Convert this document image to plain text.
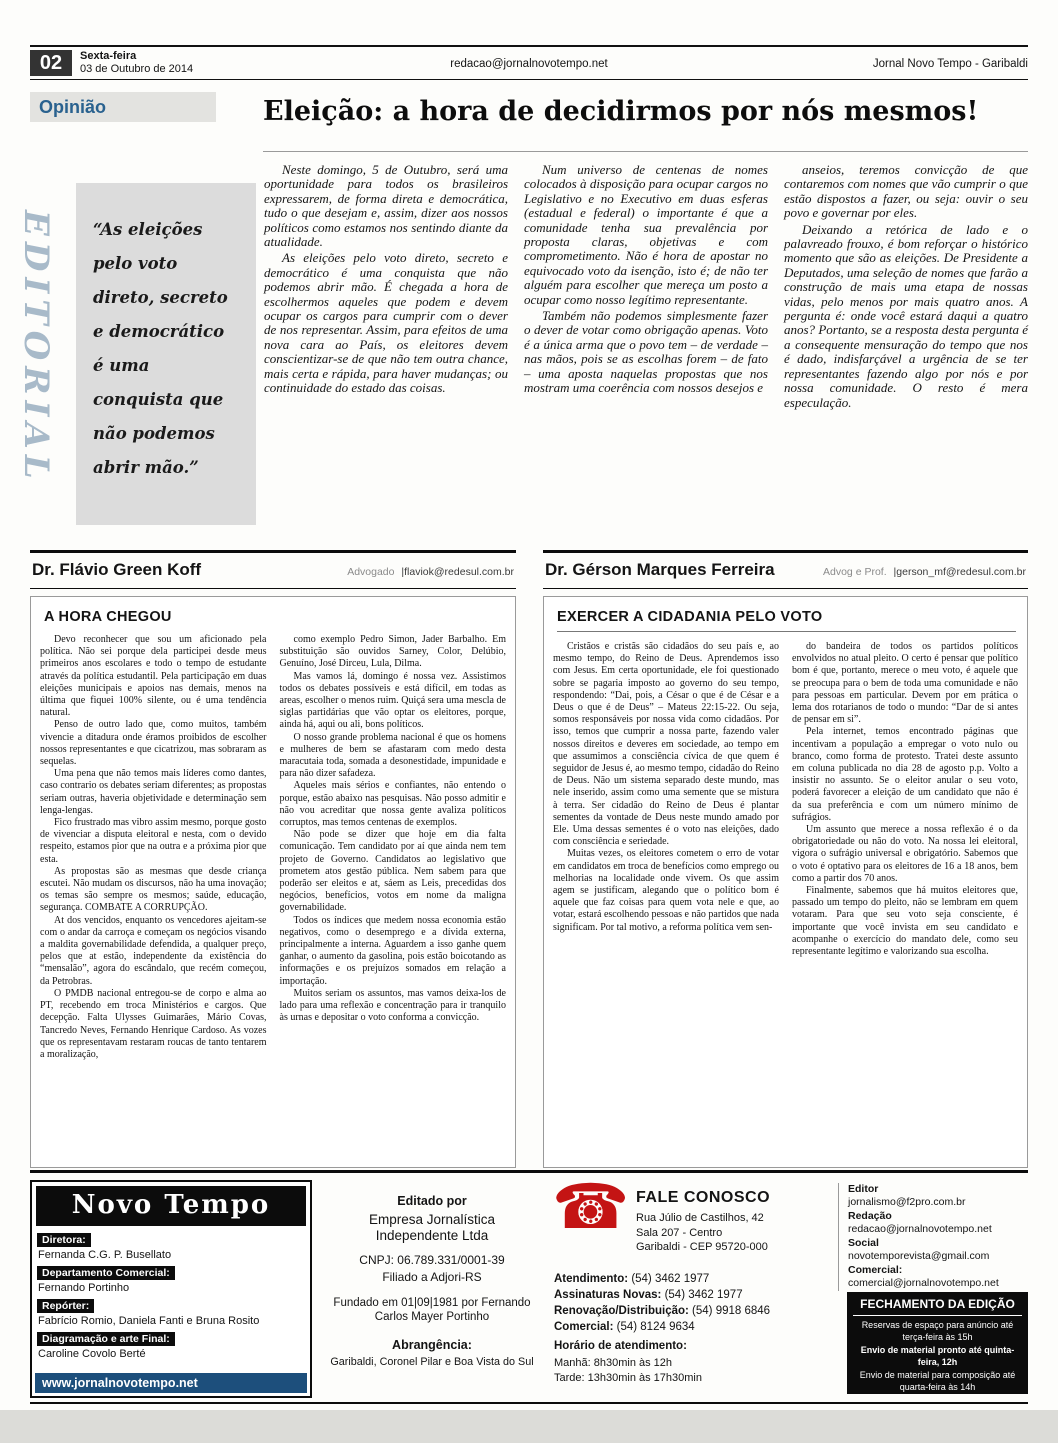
02	Sexta-feira
03 de Outubro de 2014	redacao@jornalnovotempo.net	Jornal Novo Tempo - Garibaldi
Opinião	Eleição: a hora de decidirmos por nós mesmos!
EDITORIAL	“As eleições pelo voto direto, secreto e democrático é uma conquista que não podemos abrir mão.”

Neste domingo, 5 de Outubro, será uma oportunidade para todos os brasileiros expressarem, de forma direta e democrática, tudo o que desejam e, assim, dizer aos nossos políticos como estamos nos sentindo diante da atualidade.

As eleições pelo voto direto, secreto e democrático é uma conquista que não podemos abrir mão. É chegada a hora de escolhermos aqueles que podem e devem ocupar os cargos para cumprir com o dever de nos representar. Assim, para efeitos de uma nova cara ao País, os eleitores devem conscientizar-se de que não tem outra chance, mais certa e rápida, para haver mudanças; ou continuidade do estado das coisas.

Num universo de centenas de nomes colocados à disposição para ocupar cargos no Legislativo e no Executivo em duas esferas (estadual e federal) o importante é que a comunidade tenha sua prevalência por proposta claras, objetivas e com comprometimento. Não é hora de apostar no equivocado voto da isenção, isto é; de não ter alguém para escolher que mereça um posto a ocupar como nosso legítimo representante.

Também não podemos simplesmente fazer o dever de votar como obrigação apenas. Voto é a única arma que o povo tem – de verdade – nas mãos, pois se as escolhas forem – de fato – uma aposta naquelas propostas que nos mostram uma coerência com nossos desejos e

anseios, teremos convicção de que contaremos com nomes que vão cumprir o que estão dispostos a fazer, ou seja: ouvir o seu povo e governar por eles.

Deixando a retórica de lado e o palavreado frouxo, é bom reforçar o histórico momento que são as eleições. De Presidente a Deputados, uma seleção de nomes que farão a construção de mais uma etapa de nossas vidas, pelo menos por mais quatro anos. A pergunta é: onde você estará daqui a quatro anos? Portanto, se a resposta desta pergunta é a consequente mensuração do tempo que nos é dado, indisfarçável a urgência de se ter representantes fazendo algo por nós e por nossa comunidade. O resto é mera especulação.

Dr. Flávio Green Koff	Advogado |flaviok@redesul.com.br
A HORA CHEGOU

Devo reconhecer que sou um aficionado pela política. Não sei porque dela participei desde meus primeiros anos escolares e todo o tempo de estudante através da política estudantil. Pela participação em duas eleições municipais e apoios nas demais, menos na última que fiquei 100% silente, ou é uma tendência natural.

Penso de outro lado que, como muitos, também vivencie a ditadura onde éramos proibidos de escolher nossos representantes e que cicatrizou, mas sobraram as sequelas.

Uma pena que não temos mais líderes como dantes, caso contrario os debates seriam diferentes; as propostas seriam outras, haveria objetividade e determinação sem lenga-lengas.

Fico frustrado mas vibro assim mesmo, porque gosto de vivenciar a disputa eleitoral e nesta, com o devido respeito, estamos pior que na outra e a próxima pior que esta.

As propostas são as mesmas que desde criança escutei. Não mudam os discursos, não ha uma inovação; os temas são sempre os mesmos; saúde, educação, segurança. COMBATE A CORRUPÇÃO.

At dos vencidos, enquanto os vencedores ajeitam-se com o andar da carroça e começam os negócios visando a maldita governabilidade defendida, a qualquer preço, pelos que at estão, independente da existência do “mensalão”, agora do escândalo, que recém começou, da Petrobras.

O PMDB nacional entregou-se de corpo e alma ao PT, recebendo em troca Ministérios e cargos. Que decepção. Falta Ulysses Guimarães, Mário Covas, Tancredo Neves, Fernando Henrique Cardoso. As vozes que os representavam restaram roucas de tanto tentarem a moralização,

como exemplo Pedro Simon, Jader Barbalho. Em substituição são ouvidos Sarney, Color, Delúbio, Genuíno, José Dirceu, Lula, Dilma.

Mas vamos lá, domingo é nossa vez. Assistimos todos os debates possíveis e está difícil, em todas as areas, escolher o menos ruim. Quiçá sera uma mescla de siglas partidárias que vão optar os eleitores, porque, ainda há, aqui ou ali, bons políticos.

O nosso grande problema nacional é que os homens e mulheres de bem se afastaram com medo desta maracutaia toda, somada a desonestidade, impunidade e para não dizer safadeza.

Aqueles mais sérios e confiantes, não entendo o porque, estão abaixo nas pesquisas. Não posso admitir e não vou acreditar que nossa gente avaliza políticos corruptos, mas temos centenas de exemplos.

Não pode se dizer que hoje em dia falta comunicação. Tem candidato por aí que ainda nem tem projeto de Governo. Candidatos ao legislativo que prometem atos gestão pública. Nem sabem para que poderão ser eleitos e at, sáem as Leis, precedidas dos negócios, benefícios, votos em nome da maligna governabilidade.

Todos os índices que medem nossa economia estão negativos, como o desemprego e a dívida externa, principalmente a interna. Aguardem a isso ganhe quem ganhar, o aumento da gasolina, pois estão boicotando as informações e os prejuízos somados em relação a importação.

Muitos seriam os assuntos, mas vamos deixa-los de lado para uma reflexão e concentração para ir tranquilo às urnas e depositar o voto conforma a convicção.

Dr. Gérson Marques Ferreira	Advog e Prof. |gerson_mf@redesul.com.br
EXERCER A CIDADANIA PELO VOTO

Cristãos e cristãs são cidadãos do seu país e, ao mesmo tempo, do Reino de Deus. Aprendemos isso com Jesus. Em certa oportunidade, ele foi questionado sobre se pagaria imposto ao governo do seu tempo, respondendo: “Dai, pois, a César o que é de César e a Deus o que é de Deus” – Mateus 22:15-22. Ou seja, somos responsáveis por nossa vida como cidadãos. Por isso, temos que cumprir a nossa parte, fazendo valer nossos direitos e deveres em sociedade, ao tempo em que assumimos a consciência cívica de que quem é seguidor de Jesus é, ao mesmo tempo, cidadão do Reino de Deus. Não um sistema separado deste mundo, mas nele inserido, assim como uma semente que se mistura à terra. Ser cidadão do Reino de Deus é plantar sementes da vontade de Deus neste mundo amado por Ele. Uma dessas sementes é o voto nas eleições, dado com consciência e seriedade.

Muitas vezes, os eleitores cometem o erro de votar em candidatos em troca de benefícios como emprego ou melhorias na localidade onde vivem. Os que assim agem se justificam, alegando que o político bom é aquele que faz coisas para quem vota nele e que, ao votar, estará escolhendo pessoas e não partidos que nada significam. Por tal motivo, a reforma política vem sen-

do bandeira de todos os partidos políticos envolvidos no atual pleito. O certo é pensar que político bom é que, portanto, merece o meu voto, é aquele que se preocupa para o bem de toda uma comunidade e não para pessoas em particular. Devem por em prática o lema dos rotarianos de todo o mundo: “Dar de si antes de pensar em si”.

Pela internet, temos encontrado páginas que incentivam a população a empregar o voto nulo ou branco, como forma de protesto. Tratei deste assunto em coluna publicada no dia 28 de agosto p.p. Volto a insistir no assunto. Se o eleitor anular o seu voto, poderá favorecer a eleição de um candidato que não é da sua preferência e com um número mínimo de sufrágios.

Um assunto que merece a nossa reflexão é o da obrigatoriedade ou não do voto. Na nossa lei eleitoral, vigora o sufrágio universal e obrigatório. Sabemos que o voto é optativo para os eleitores de 16 a 18 anos, bem como a partir dos 70 anos.

Finalmente, sabemos que há muitos eleitores que, passado um tempo do pleito, não se lembram em quem votaram. Para que seu voto seja consciente, é importante que você invista em seu candidato e acompanhe o exercício do mandato dele, como seu representante legítimo e valorizando sua escolha.

Novo Tempo
Diretora:
Fernanda C.G. P. Busellato
Departamento Comercial:
Fernando Portinho
Repórter:
Fabrício Romio, Daniela Fanti e Bruna Rosito
Diagramação e arte Final:
Caroline Covolo Berté
www.jornalnovotempo.net
Editado por
Empresa Jornalística Independente Ltda
CNPJ: 06.789.331/0001-39
Filiado a Adjori-RS
Fundado em 01|09|1981 por Fernando Carlos Mayer Portinho
Abrangência:
Garibaldi, Coronel Pilar e Boa Vista do Sul
☎ FALE CONOSCO

Rua Júlio de Castilhos, 42

Sala 207 - Centro

Garibaldi - CEP 95720-000

Atendimento: (54) 3462 1977
Assinaturas Novas: (54) 3462 1977
Renovação/Distribuição: (54) 9918 6846
Comercial: (54) 8124 9634
Horário de atendimento:

Manhã: 8h30min às 12h

Tarde: 13h30min às 17h30min

Editor
jornalismo@f2pro.com.br
Redação
redacao@jornalnovotempo.net
Social
novotemporevista@gmail.com
Comercial:
comercial@jornalnovotempo.net
FECHAMENTO DA EDIÇÃO

Reservas de espaço para anúncio até terça-feira às 15h

Envio de material pronto até quinta-feira, 12h

Envio de material para composição até quarta-feira às 14h
